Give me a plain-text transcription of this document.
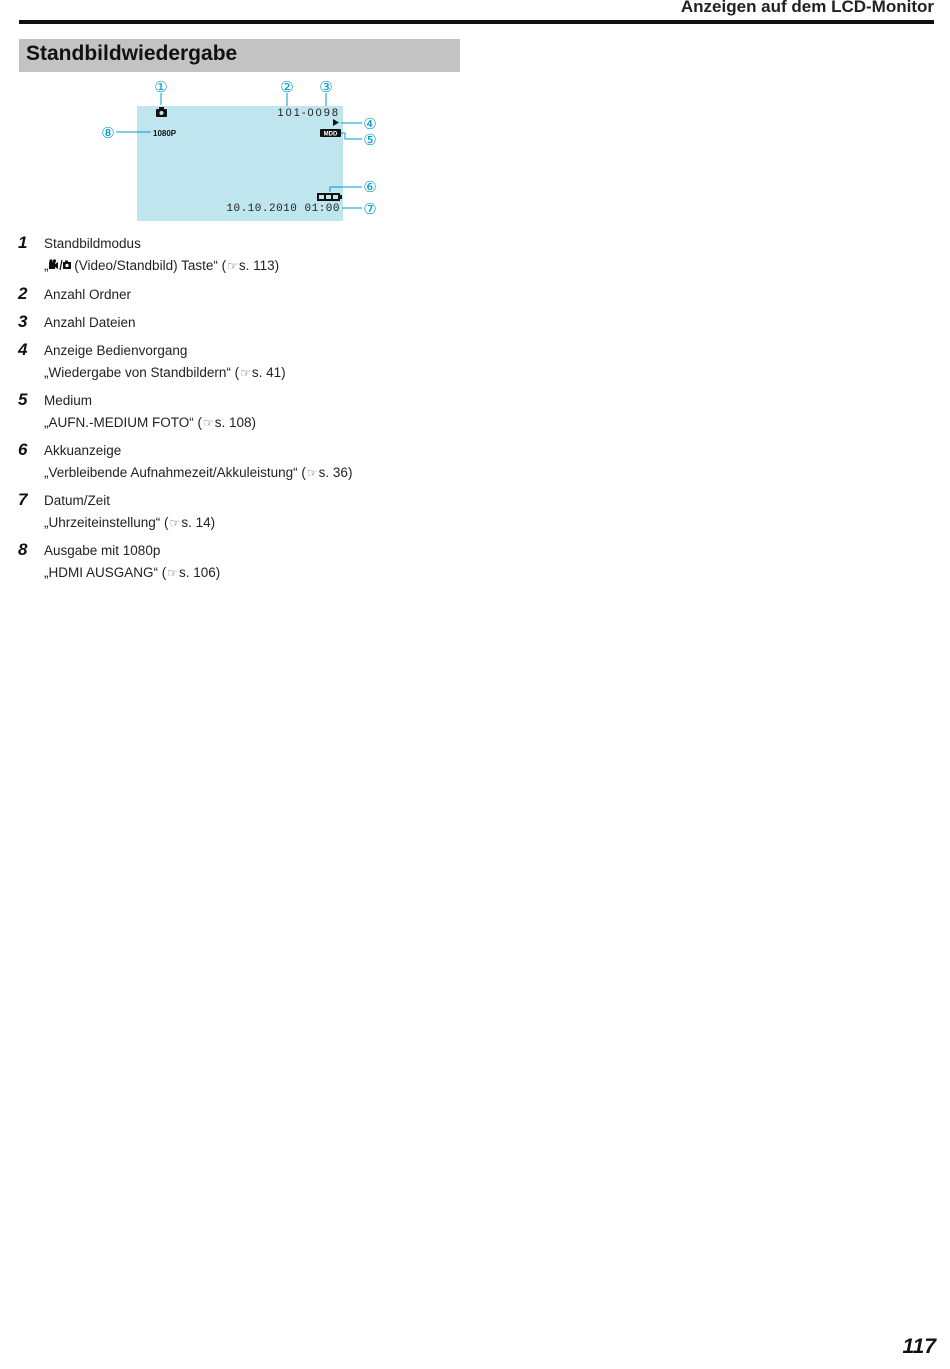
Anzeigen auf dem LCD-Monitor
Standbildwiedergabe
101-0098
1080P	MDD
10.10.2010 01:00
①	② ③
④
⑤
⑥
⑦
⑧
1 Standbildmodus
„ (Video/Standbild) Taste“ (☞s. 113)
2 Anzahl Ordner
3 Anzahl Dateien
4 Anzeige Bedienvorgang
„Wiedergabe von Standbildern“ (☞s. 41)
5 Medium
„AUFN.-MEDIUM FOTO“ (☞s. 108)
6 Akkuanzeige
„Verbleibende Aufnahmezeit/Akkuleistung“ (☞s. 36)
7 Datum/Zeit
„Uhrzeiteinstellung“ (☞s. 14)
8 Ausgabe mit 1080p
„HDMI AUSGANG“ (☞s. 106)
117
